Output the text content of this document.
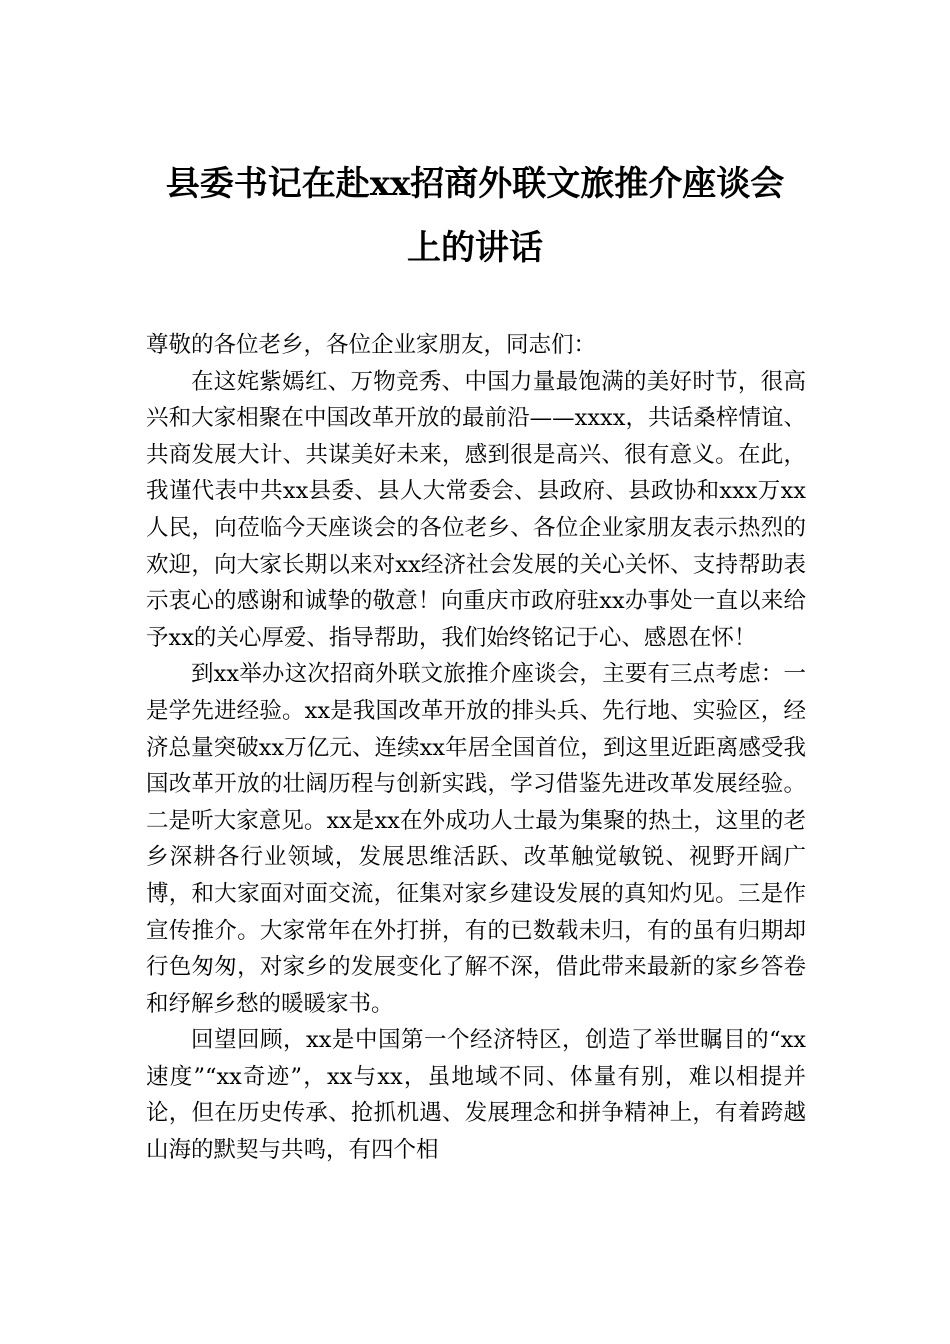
县委书记在赴xx招商外联文旅推介座谈会
上的讲话

尊敬的各位老乡，各位企业家朋友，同志们：

在这姹紫嫣红、万物竞秀、中国力量最饱满的美好时节，很高兴和大家相聚在中国改革开放的最前沿——xxxx，共话桑梓情谊、共商发展大计、共谋美好未来，感到很是高兴、很有意义。在此，我谨代表中共xx县委、县人大常委会、县政府、县政协和xxx万xx人民，向莅临今天座谈会的各位老乡、各位企业家朋友表示热烈的欢迎，向大家长期以来对xx经济社会发展的关心关怀、支持帮助表示衷心的感谢和诚挚的敬意！向重庆市政府驻xx办事处一直以来给予xx的关心厚爱、指导帮助，我们始终铭记于心、感恩在怀！

到xx举办这次招商外联文旅推介座谈会，主要有三点考虑：一是学先进经验。xx是我国改革开放的排头兵、先行地、实验区，经济总量突破xx万亿元、连续xx年居全国首位，到这里近距离感受我国改革开放的壮阔历程与创新实践，学习借鉴先进改革发展经验。二是听大家意见。xx是xx在外成功人士最为集聚的热土，这里的老乡深耕各行业领域，发展思维活跃、改革触觉敏锐、视野开阔广博，和大家面对面交流，征集对家乡建设发展的真知灼见。三是作宣传推介。大家常年在外打拼，有的已数载未归，有的虽有归期却行色匆匆，对家乡的发展变化了解不深，借此带来最新的家乡答卷和纾解乡愁的暖暖家书。

回望回顾，xx是中国第一个经济特区，创造了举世瞩目的“xx速度”“xx奇迹”，xx与xx，虽地域不同、体量有别，难以相提并论，但在历史传承、抢抓机遇、发展理念和拼争精神上，有着跨越山海的默契与共鸣，有四个相
